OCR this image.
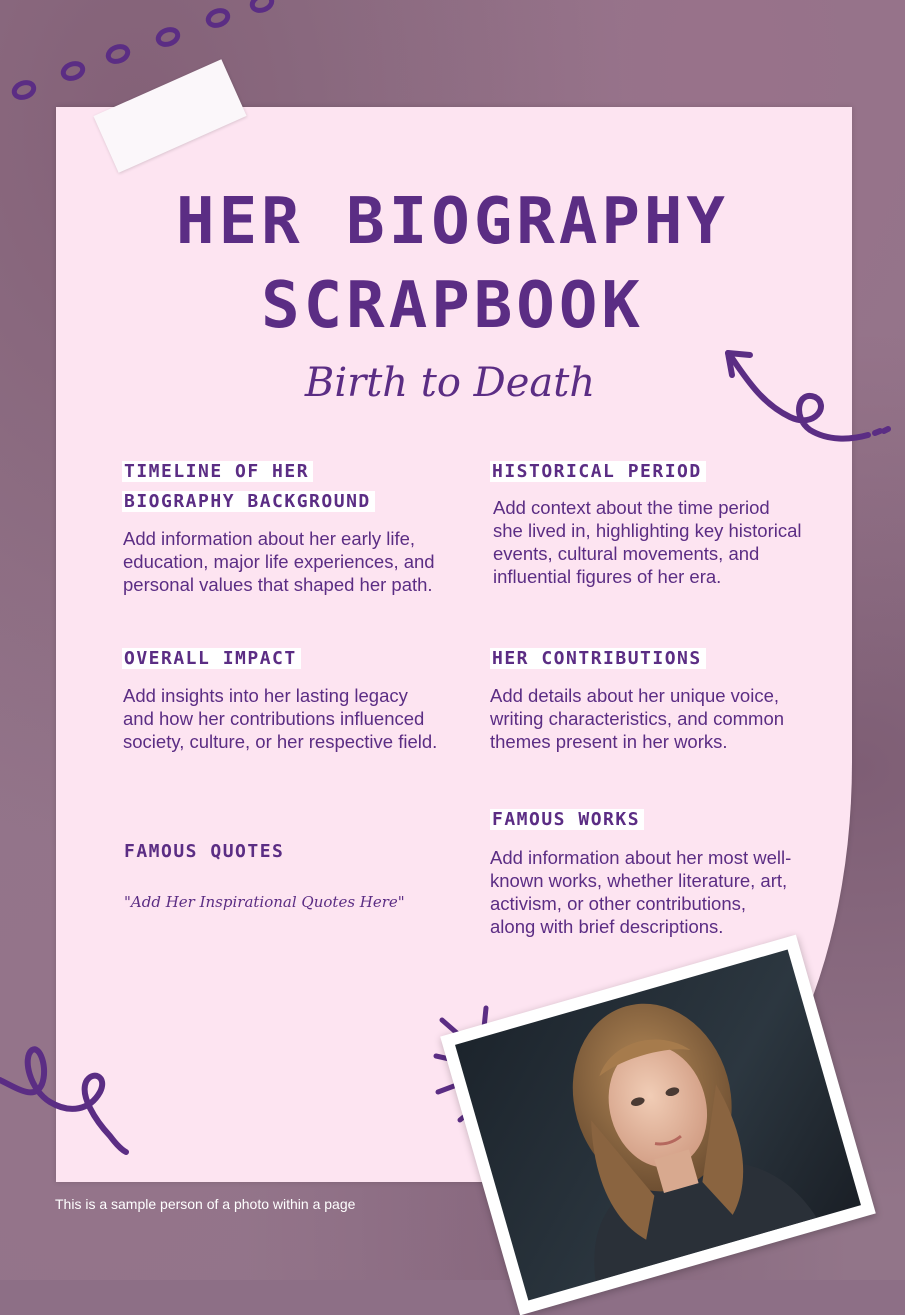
HER BIOGRAPHY
SCRAPBOOK
Birth to Death
TIMELINE OF HER
BIOGRAPHY BACKGROUND

Add information about her early life, education, major life experiences, and personal values that shaped her path.

HISTORICAL PERIOD

Add context about the time period she lived in, highlighting key historical events, cultural movements, and influential figures of her era.

OVERALL IMPACT

Add insights into her lasting legacy and how her contributions influenced society, culture, or her respective field.

HER CONTRIBUTIONS

Add details about her unique voice, writing characteristics, and common themes present in her works.

FAMOUS WORKS

Add information about her most well-known works, whether literature, art, activism, or other contributions, along with brief descriptions.

FAMOUS QUOTES
"Add Her Inspirational Quotes Here"
This is a sample person of a photo within a page
